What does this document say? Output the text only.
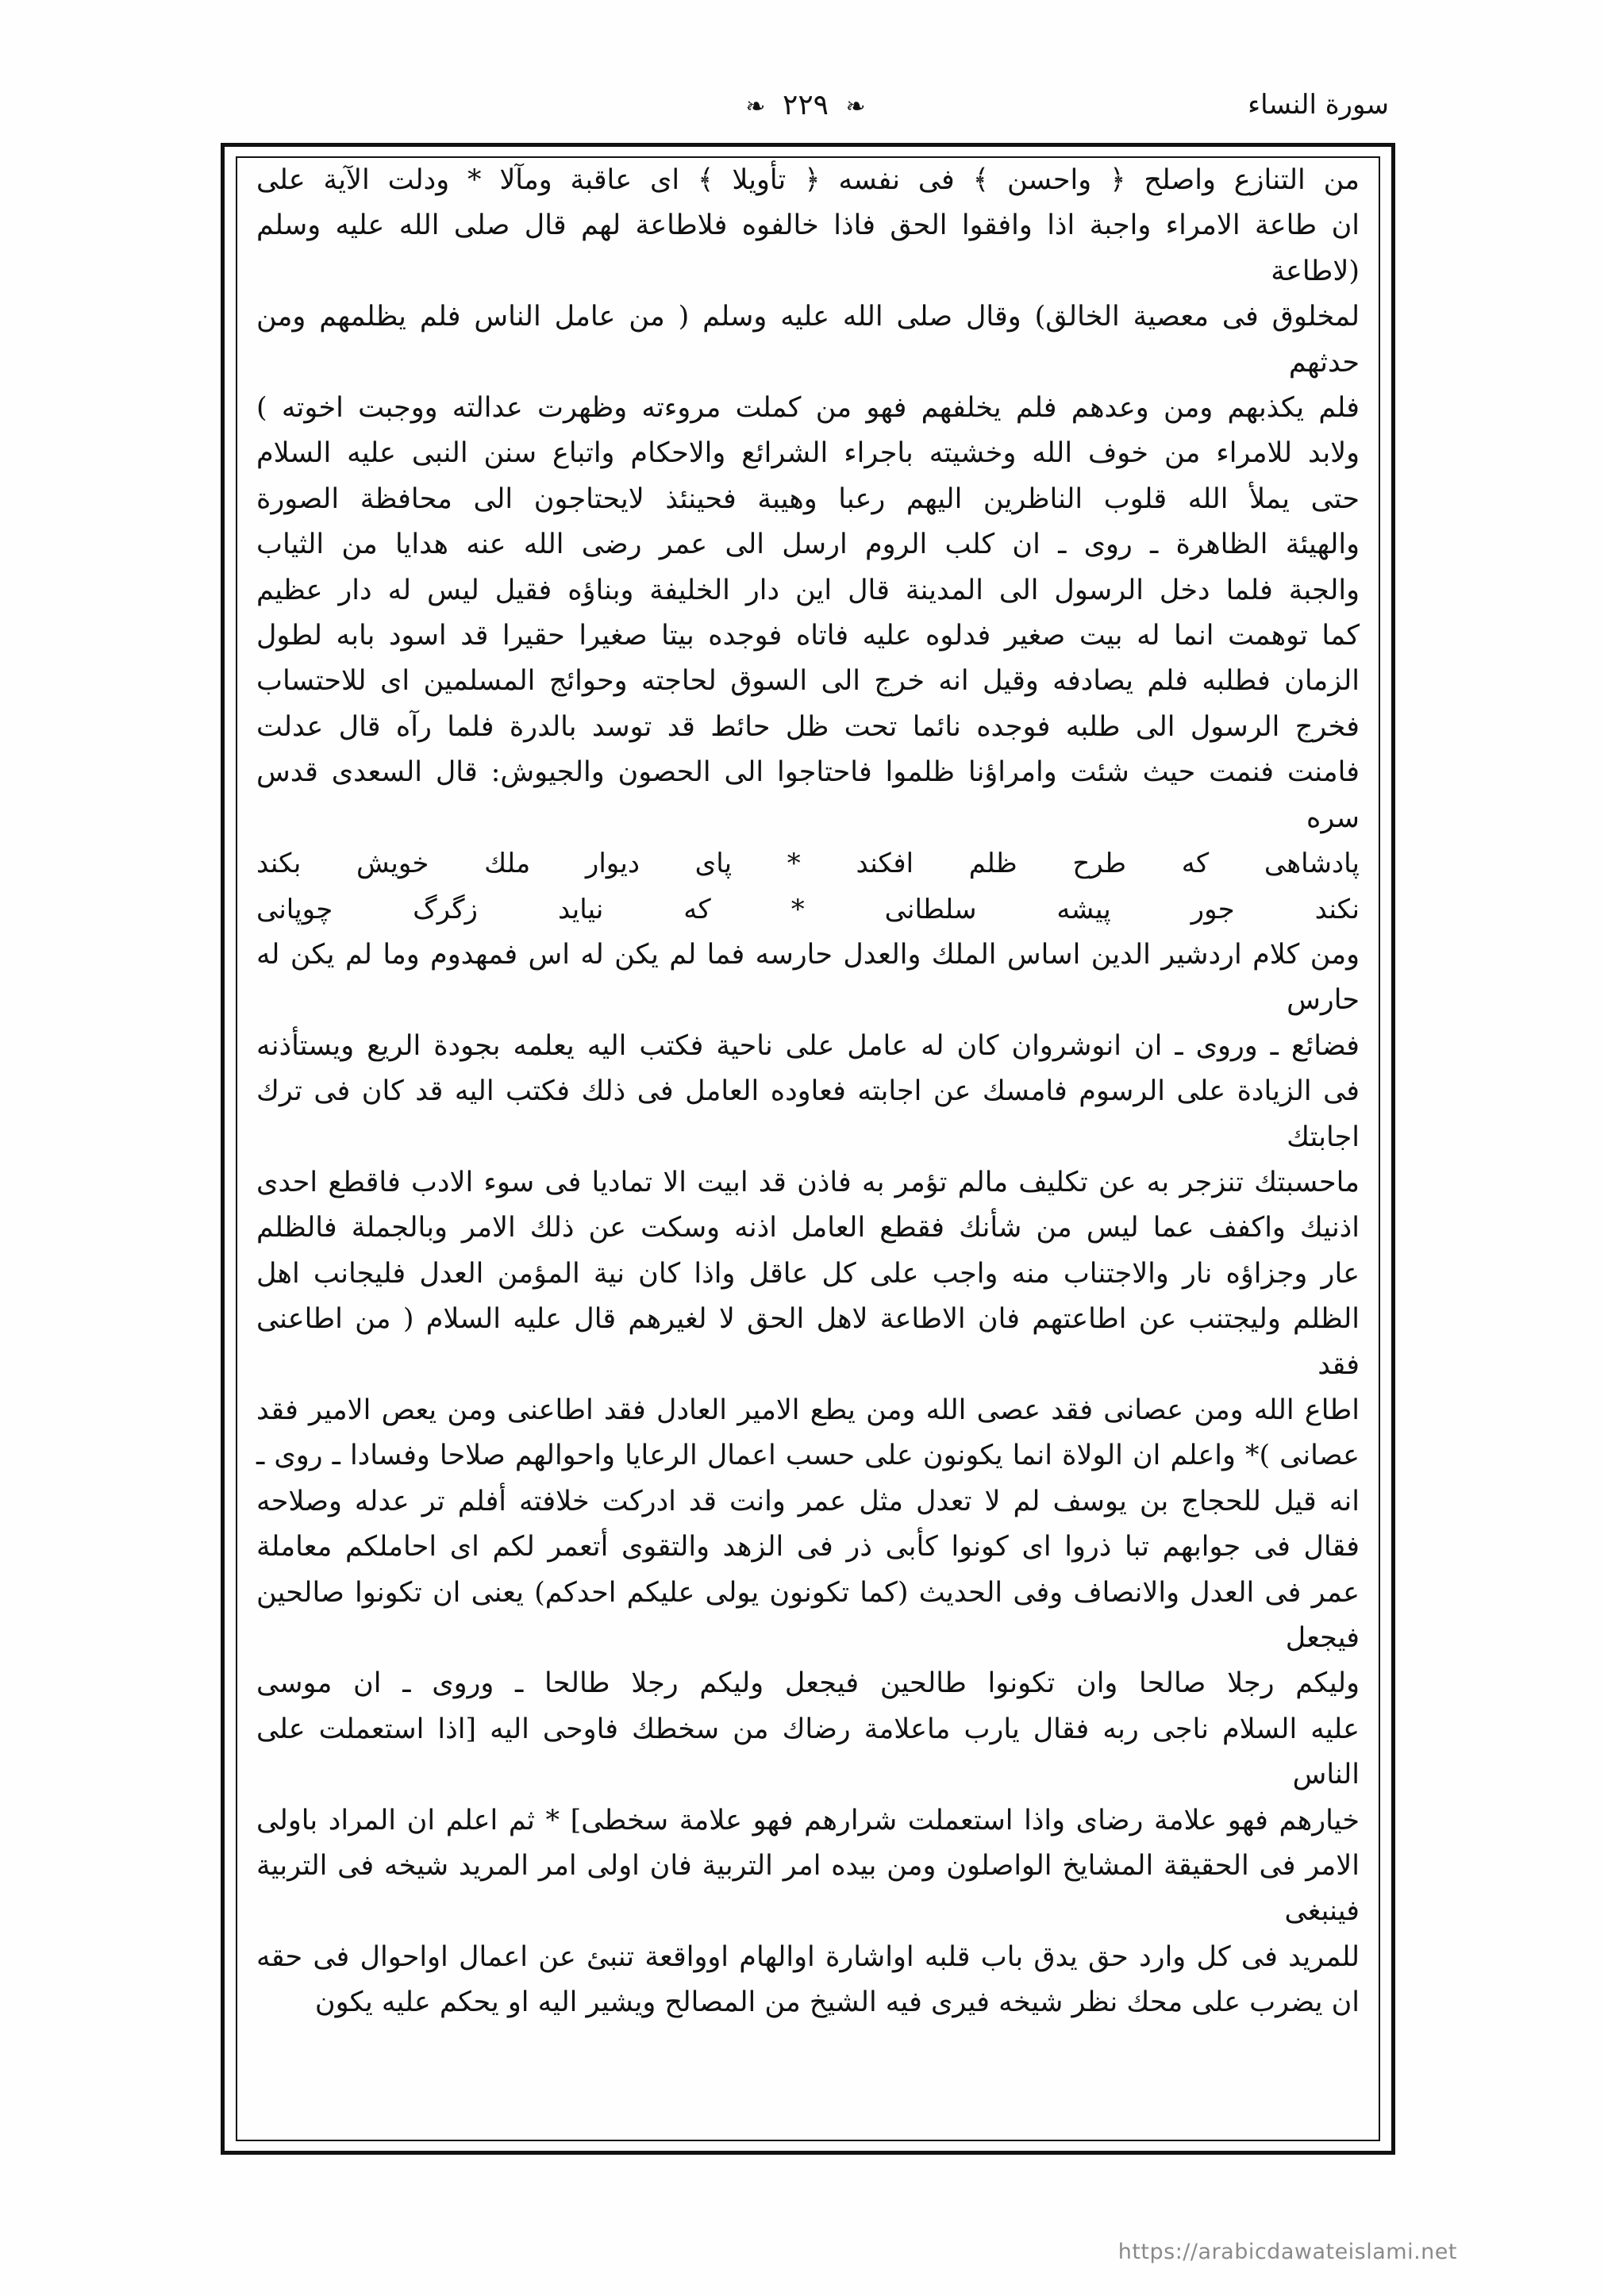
سورة النساء
❧ ٢٢٩ ❧

من التنازع واصلح ﴿ واحسن ﴾ فى نفسه ﴿ تأويلا ﴾ اى عاقبة ومآلا * ودلت الآية على

ان طاعة الامراء واجبة اذا وافقوا الحق فاذا خالفوه فلاطاعة لهم قال صلى الله عليه وسلم (لاطاعة

لمخلوق فى معصية الخالق) وقال صلى الله عليه وسلم ( من عامل الناس فلم يظلمهم ومن حدثهم

فلم يكذبهم ومن وعدهم فلم يخلفهم فهو من كملت مروءته وظهرت عدالته ووجبت اخوته )

ولابد للامراء من خوف الله وخشيته باجراء الشرائع والاحكام واتباع سنن النبى عليه السلام

حتى يملأ الله قلوب الناظرين اليهم رعبا وهيبة فحينئذ لايحتاجون الى محافظة الصورة

والهيئة الظاهرة ـ روى ـ ان كلب الروم ارسل الى عمر رضى الله عنه هدايا من الثياب

والجبة فلما دخل الرسول الى المدينة قال اين دار الخليفة وبناؤه فقيل ليس له دار عظيم

كما توهمت انما له بيت صغير فدلوه عليه فاتاه فوجده بيتا صغيرا حقيرا قد اسود بابه لطول

الزمان فطلبه فلم يصادفه وقيل انه خرج الى السوق لحاجته وحوائج المسلمين اى للاحتساب

فخرج الرسول الى طلبه فوجده نائما تحت ظل حائط قد توسد بالدرة فلما رآه قال عدلت

فامنت فنمت حيث شئت وامراؤنا ظلموا فاحتاجوا الى الحصون والجيوش: قال السعدى قدس سره

پادشاهى كه طرح ظلم افكند * پاى ديوار ملك خويش بكند

نكند جور پيشه سلطانى * كه نيايد زگرگ چوپانى

ومن كلام اردشير الدين اساس الملك والعدل حارسه فما لم يكن له اس فمهدوم وما لم يكن له حارس

فضائع ـ وروى ـ ان انوشروان كان له عامل على ناحية فكتب اليه يعلمه بجودة الريع ويستأذنه

فى الزيادة على الرسوم فامسك عن اجابته فعاوده العامل فى ذلك فكتب اليه قد كان فى ترك اجابتك

ماحسبتك تنزجر به عن تكليف مالم تؤمر به فاذن قد ابيت الا تماديا فى سوء الادب فاقطع احدى

اذنيك واكفف عما ليس من شأنك فقطع العامل اذنه وسكت عن ذلك الامر وبالجملة فالظلم

عار وجزاؤه نار والاجتناب منه واجب على كل عاقل واذا كان نية المؤمن العدل فليجانب اهل

الظلم وليجتنب عن اطاعتهم فان الاطاعة لاهل الحق لا لغيرهم قال عليه السلام ( من اطاعنى فقد

اطاع الله ومن عصانى فقد عصى الله ومن يطع الامير العادل فقد اطاعنى ومن يعص الامير فقد

عصانى )* واعلم ان الولاة انما يكونون على حسب اعمال الرعايا واحوالهم صلاحا وفسادا ـ روى ـ

انه قيل للحجاج بن يوسف لم لا تعدل مثل عمر وانت قد ادركت خلافته أفلم تر عدله وصلاحه

فقال فى جوابهم تبا ذروا اى كونوا كأبى ذر فى الزهد والتقوى أتعمر لكم اى احاملكم معاملة

عمر فى العدل والانصاف وفى الحديث (كما تكونون يولى عليكم احدكم) يعنى ان تكونوا صالحين فيجعل

وليكم رجلا صالحا وان تكونوا طالحين فيجعل وليكم رجلا طالحا ـ وروى ـ ان موسى

عليه السلام ناجى ربه فقال يارب ماعلامة رضاك من سخطك فاوحى اليه [اذا استعملت على الناس

خيارهم فهو علامة رضاى واذا استعملت شرارهم فهو علامة سخطى] * ثم اعلم ان المراد باولى

الامر فى الحقيقة المشايخ الواصلون ومن بيده امر التربية فان اولى امر المريد شيخه فى التربية فينبغى

للمريد فى كل وارد حق يدق باب قلبه اواشارة اوالهام اوواقعة تنبئ عن اعمال اواحوال فى حقه

ان يضرب على محك نظر شيخه فيرى فيه الشيخ من المصالح ويشير اليه او يحكم عليه يكون

https://arabicdawateislami.net
